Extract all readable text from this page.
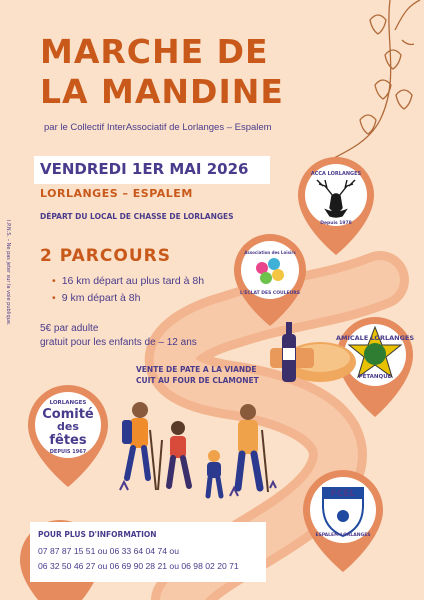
ACCA LORLANGES
Depuis 1978
Association des Loisirs
L'ÉCLAT DES COULEURS
AMICALE LORLANGES
PÉTANQUE
LORLANGES
Comité
des
fêtes
DEPUIS 1967
FCEL
ESPALEM-LORLANGES
MARCHE DE
LA MANDINE
par le Collectif InterAssociatif de Lorlanges – Espalem
VENDREDI 1ER MAI 2026
LORLANGES – ESPALEM
DÉPART DU LOCAL DE CHASSE DE LORLANGES
2 PARCOURS
• 16 km départ au plus tard à 8h
• 9 km départ à 8h
5€ par adulte
gratuit pour les enfants de – 12 ans
VENTE DE PATE A LA VIANDE
CUIT AU FOUR DE CLAMONET
POUR PLUS D'INFORMATION
07 87 87 15 51 ou 06 33 64 04 74 ou
06 32 50 46 27 ou 06 69 90 28 21 ou 06 98 02 20 71
I.P.N.S. – Ne pas jeter sur la voie publique.
